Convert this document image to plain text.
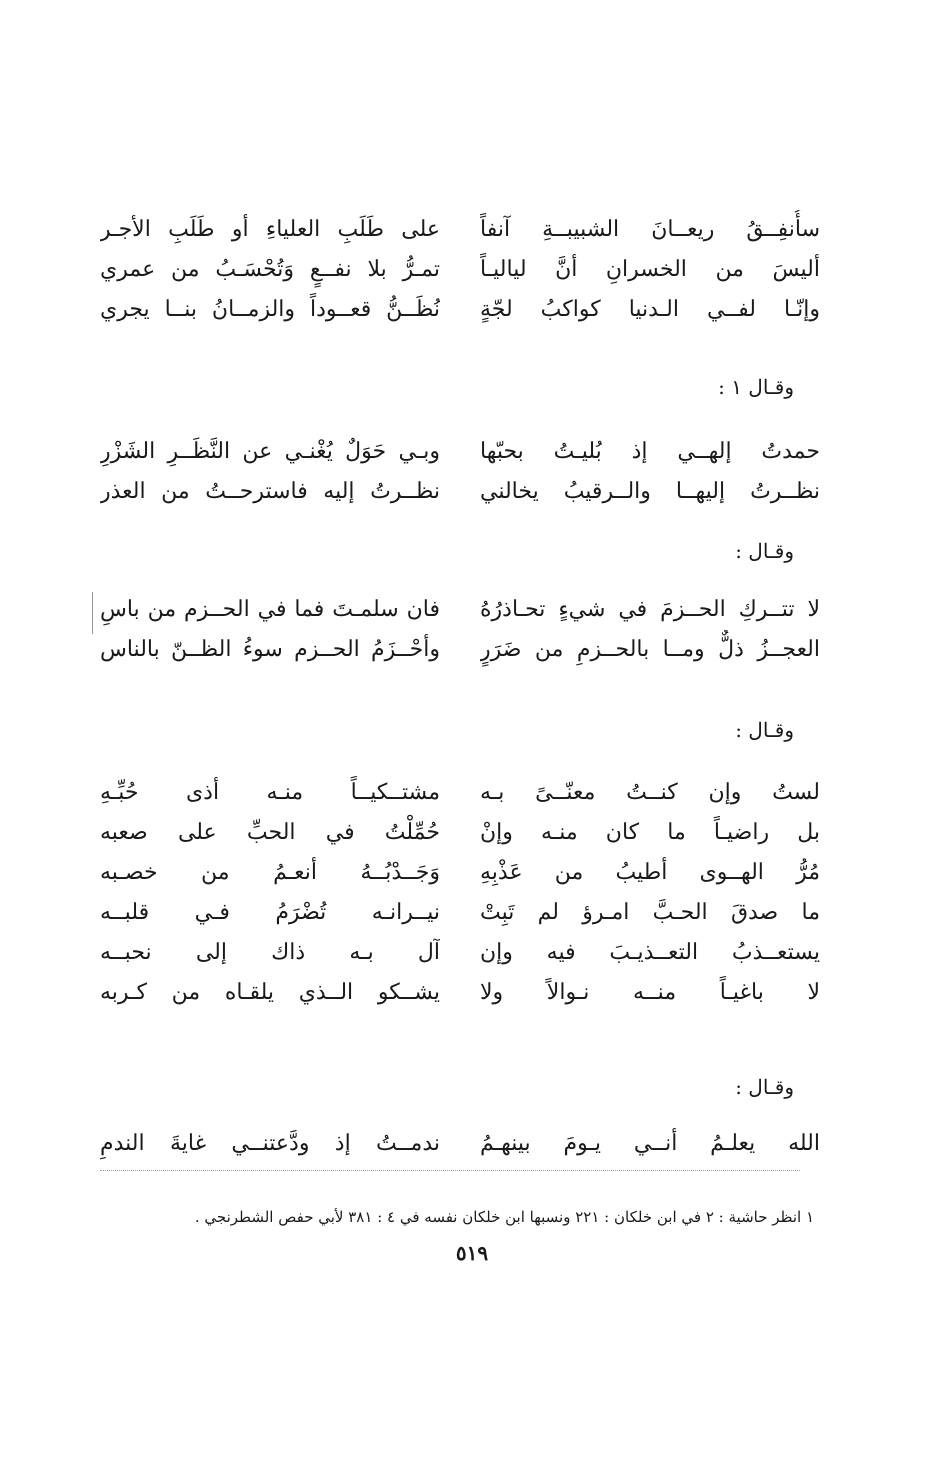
سأُنفِــقُ ريعــانَ الشبيبــةِ آنفاً
على طَلَبِ العلياءِ أو طَلَبِ الأجـر
أليسَ من الخسرانِ أنَّ لياليـاً
تمـرُّ بلا نفــعٍ وَتُحْسَـبُ من عمري
وإنّـا لفــي الـدنيا كواكبُ لجّةٍ
نُظَــنُّ قعــوداً والزمــانُ بنــا يجري
وقـال ١ :
حمدتُ إلهــي إذ بُليـتُ بحبّها
وبـي حَوَلٌ يُغْنـي عن النَّظَــرِ الشَزْرِ
نظــرتُ إليهــا والــرقيبُ يخالني
نظــرتُ إليه فاسترحــتُ من العذر
وقـال :
لا تتــركِ الحــزمَ في شيءٍ تحـاذرُهُ
فان سلمـتَ فما في الحــزم من باسِ
العجــزُ ذلٌّ ومــا بالحــزمِ من ضَرَرٍ
وأحْــزَمُ الحــزم سوءُ الظــنّ بالناس
وقـال :
لستُ وإن كنــتُ معنّــىً بـه
مشتــكيــاً منـه أذى حُبِّـهِ
بل راضيـاً ما كان منـه وإنْ
حُمِّلْتُ في الحبِّ على صعبه
مُرُّ الهــوى أطيبُ من عَذْبِهِ
وَجَــدْبُــهُ أنعـمُ من خصـبه
ما صدقَ الحـبَّ امـرؤ لم تَبِتْ
نيــرانـه تُضْرَمُ فـي قلبــه
يستعــذبُ التعــذيـبَ فيه وإن
آل بـه ذاك إلى نحبــه
لا باغيـاً منــه نـوالاً ولا
يشــكو الــذي يلقـاه من كـربه
وقـال :
الله يعلـمُ أنــي يـومَ بينهـمُ
ندمــتُ إذ ودَّعتنــي غايةَ الندمِ
١ انظر حاشية : ٢ في ابن خلكان : ٢٢١ ونسبها ابن خلكان نفسه في ٤ : ٣٨١ لأبي حفص الشطرنجي .
٥١٩
